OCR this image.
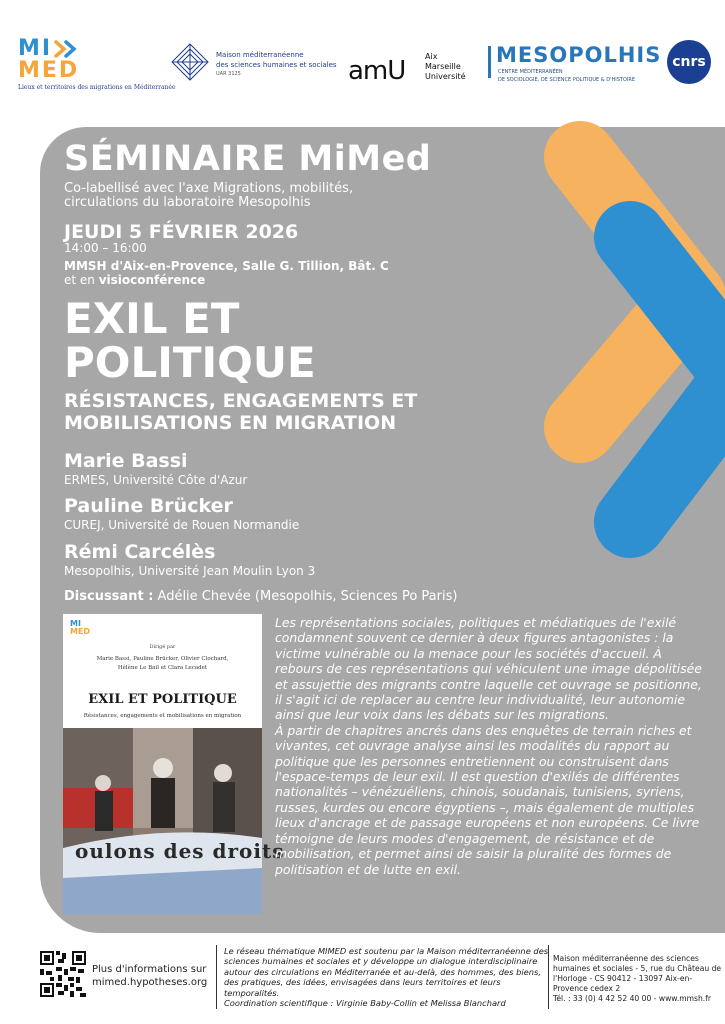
MI
MED
Lieux et territoires des migrations en Méditerranée
Maison méditerranéenne
des sciences humaines et sociales
UAR 3125	amU Aix
Marseille
Université
MESOPOLHIS
CENTRE MÉDITERRANÉEN
DE SOCIOLOGIE, DE SCIENCE POLITIQUE & D'HISTOIRE
cnrs
SÉMINAIRE MiMed
Co-labellisé avec l'axe Migrations, mobilités, circulations du laboratoire Mesopolhis
JEUDI 5 FÉVRIER 2026
14:00 – 16:00
MMSH d'Aix-en-Provence, Salle G. Tillion, Bât. C
et en visioconférence
EXIL ET
POLITIQUE
RÉSISTANCES, ENGAGEMENTS ET
MOBILISATIONS EN MIGRATION
Marie Bassi
ERMES, Université Côte d'Azur
Pauline Brücker
CUREJ, Université de Rouen Normandie
Rémi Carcélès
Mesopolhis, Université Jean Moulin Lyon 3
Discussant : Adélie Chevée (Mesopolhis, Sciences Po Paris)
MI
MED
Dirigé par
Marie Bassi, Pauline Brücker, Olivier Clochard,
Hélène Le Bail et Clara Lecadet
EXIL ET POLITIQUE
Résistances, engagements et mobilisations en migration
oulons des droits

Les représentations sociales, politiques et médiatiques de l'exilé condamnent souvent ce dernier à deux figures antagonistes : la victime vulnérable ou la menace pour les sociétés d'accueil. À rebours de ces représentations qui véhiculent une image dépolitisée et assujettie des migrants contre laquelle cet ouvrage se positionne, il s'agit ici de replacer au centre leur individualité, leur autonomie ainsi que leur voix dans les débats sur les migrations.

À partir de chapitres ancrés dans des enquêtes de terrain riches et vivantes, cet ouvrage analyse ainsi les modalités du rapport au politique que les personnes entretiennent ou construisent dans l'espace-temps de leur exil. Il est question d'exilés de différentes nationalités – vénézuéliens, chinois, soudanais, tunisiens, syriens, russes, kurdes ou encore égyptiens –, mais également de multiples lieux d'ancrage et de passage européens et non européens. Ce livre témoigne de leurs modes d'engagement, de résistance et de mobilisation, et permet ainsi de saisir la pluralité des formes de politisation et de lutte en exil.

Plus d'informations sur
mimed.hypotheses.org
Le réseau thématique MIMED est soutenu par la Maison méditerranéenne des sciences humaines et sociales et y développe un dialogue interdisciplinaire autour des circulations en Méditerranée et au-delà, des hommes, des biens, des pratiques, des idées, envisagées dans leurs territoires et leurs temporalités.
Coordination scientifique : Virginie Baby-Collin et Melissa Blanchard
Maison méditerranéenne des sciences humaines et sociales - 5, rue du Château de l'Horloge - CS 90412 - 13097 Aix-en-Provence cedex 2
Tél. : 33 (0) 4 42 52 40 00 - www.mmsh.fr
